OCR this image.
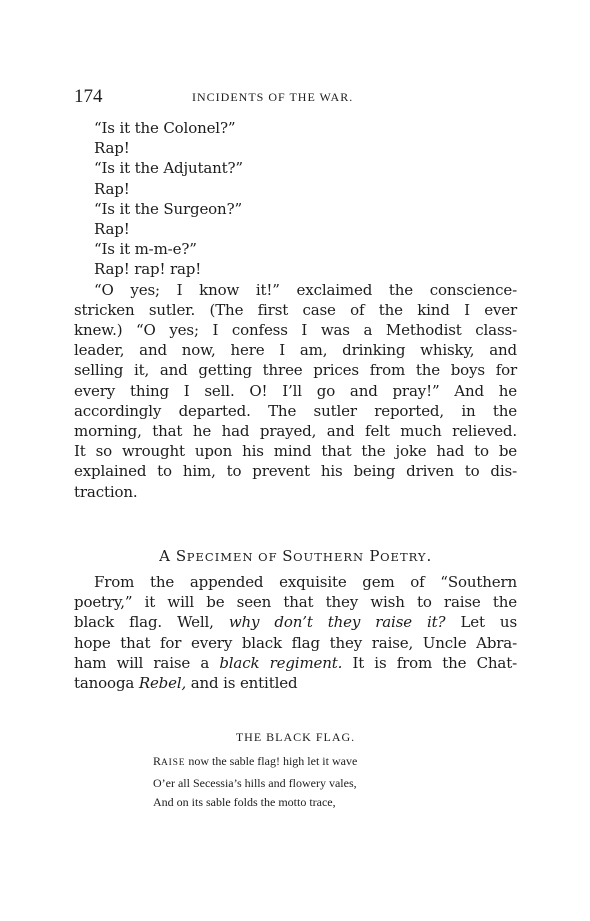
174	INCIDENTS OF THE WAR.
“Is it the Colonel?”
Rap!
“Is it the Adjutant?”
Rap!
“Is it the Surgeon?”
Rap!
“Is it m-m-e?”
Rap! rap! rap!
“O yes; I know it!” exclaimed the conscience-
stricken sutler. (The first case of the kind I ever
knew.) “O yes; I confess I was a Methodist class-
leader, and now, here I am, drinking whisky, and
selling it, and getting three prices from the boys for
every thing I sell. O! I’ll go and pray!” And he
accordingly departed. The sutler reported, in the
morning, that he had prayed, and felt much relieved.
It so wrought upon his mind that the joke had to be
explained to him, to prevent his being driven to dis-
traction.
A SPECIMEN OF SOUTHERN POETRY.
From the appended exquisite gem of “Southern
poetry,” it will be seen that they wish to raise the
black flag. Well, why don’t they raise it? Let us
hope that for every black flag they raise, Uncle Abra-
ham will raise a black regiment. It is from the Chat-
tanooga Rebel, and is entitled
THE BLACK FLAG.
RAISE now the sable flag! high let it wave
O’er all Secessia’s hills and flowery vales,
And on its sable folds the motto trace,
